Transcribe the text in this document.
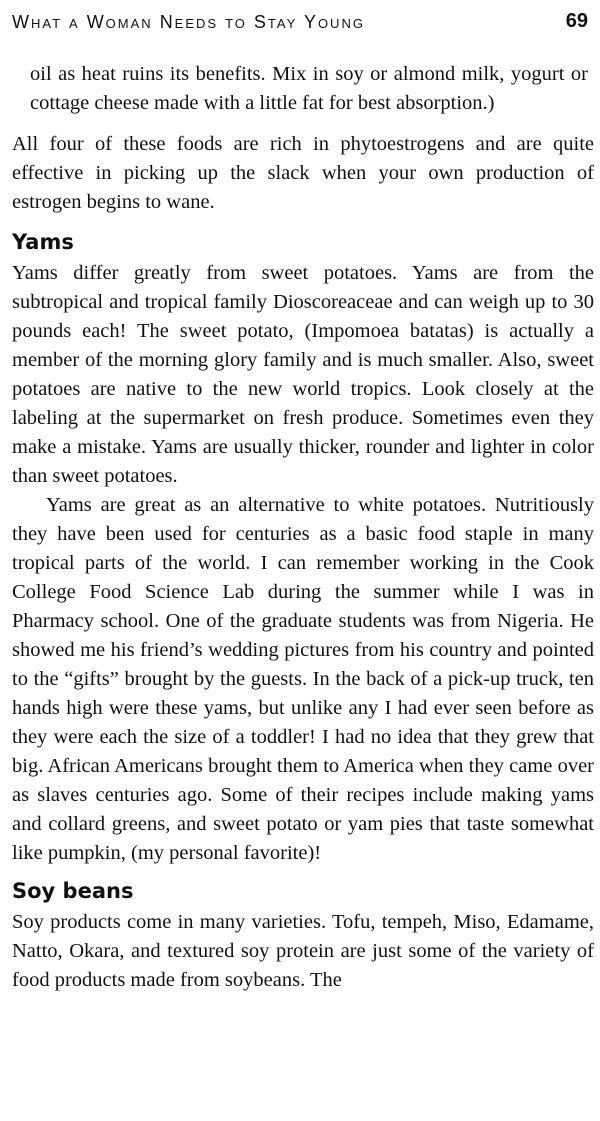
What a Woman Needs to Stay Young	69

oil as heat ruins its benefits. Mix in soy or almond milk, yogurt or cottage cheese made with a little fat for best absorption.)

All four of these foods are rich in phytoestrogens and are quite effective in picking up the slack when your own production of estrogen begins to wane.

Yams

Yams differ greatly from sweet potatoes. Yams are from the subtropical and tropical family Dioscoreaceae and can weigh up to 30 pounds each! The sweet potato, (Impomoea batatas) is actually a member of the morning glory family and is much smaller. Also, sweet potatoes are native to the new world tropics. Look closely at the labeling at the supermarket on fresh produce. Sometimes even they make a mistake. Yams are usually thicker, rounder and lighter in color than sweet potatoes.

Yams are great as an alternative to white potatoes. Nutritiously they have been used for centuries as a basic food staple in many tropical parts of the world. I can remember working in the Cook College Food Science Lab during the summer while I was in Pharmacy school. One of the graduate students was from Nigeria. He showed me his friend’s wedding pictures from his country and pointed to the “gifts” brought by the guests. In the back of a pick-up truck, ten hands high were these yams, but unlike any I had ever seen before as they were each the size of a toddler! I had no idea that they grew that big. African Americans brought them to America when they came over as slaves centuries ago. Some of their recipes include making yams and collard greens, and sweet potato or yam pies that taste somewhat like pumpkin, (my personal favorite)!

Soy beans

Soy products come in many varieties. Tofu, tempeh, Miso, Edamame, Natto, Okara, and textured soy protein are just some of the variety of food products made from soybeans. The
